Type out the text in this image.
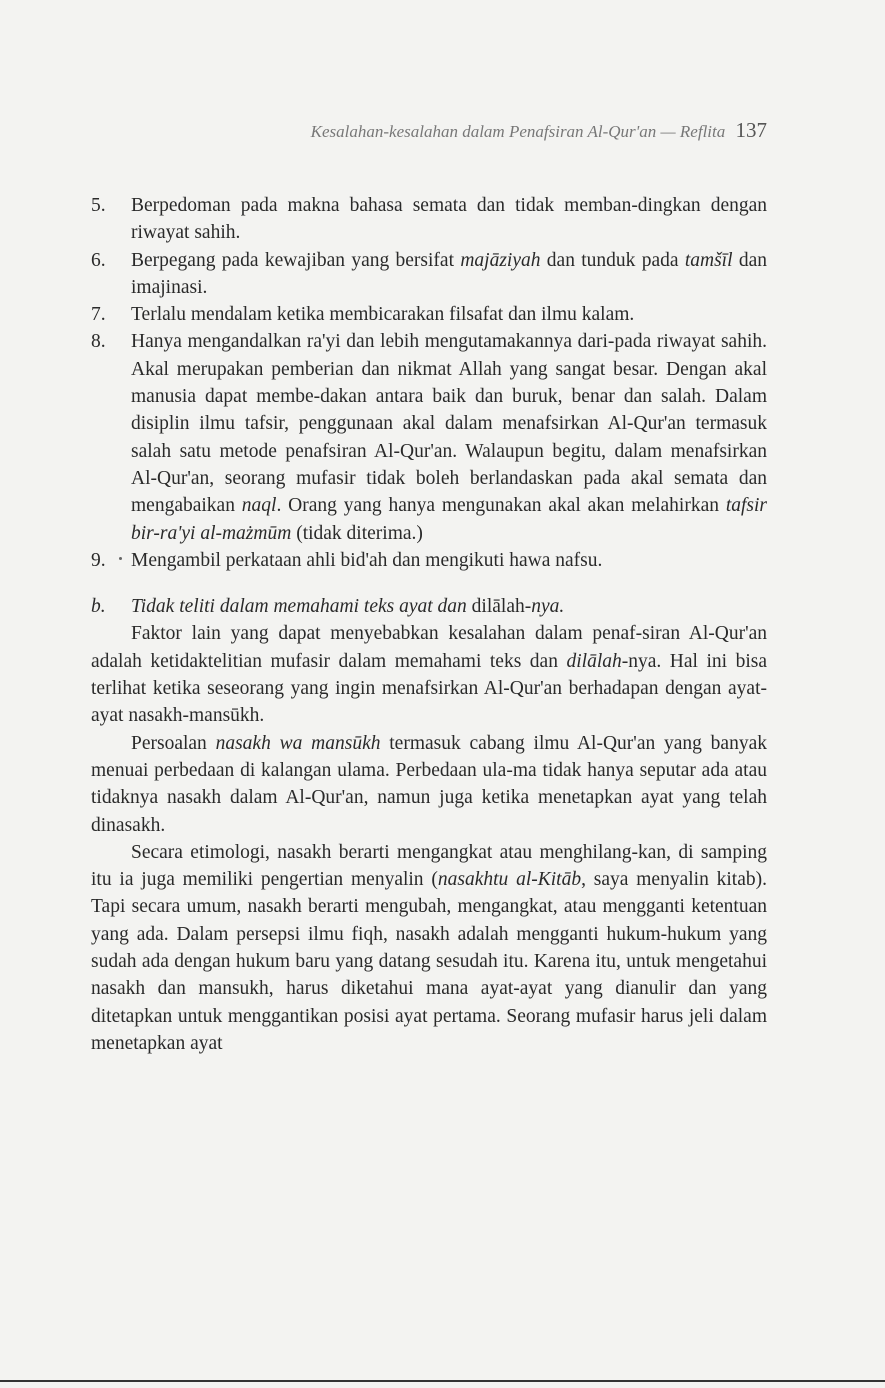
Kesalahan-kesalahan dalam Penafsiran Al-Qur'an — Reflita 137
5.	Berpedoman pada makna bahasa semata dan tidak memban-dingkan dengan riwayat sahih.
6.	Berpegang pada kewajiban yang bersifat majāziyah dan tunduk pada tamšīl dan imajinasi.
7.	Terlalu mendalam ketika membicarakan filsafat dan ilmu kalam.
8.	Hanya mengandalkan ra'yi dan lebih mengutamakannya dari-pada riwayat sahih. Akal merupakan pemberian dan nikmat Allah yang sangat besar. Dengan akal manusia dapat membe-dakan antara baik dan buruk, benar dan salah. Dalam disiplin ilmu tafsir, penggunaan akal dalam menafsirkan Al-Qur'an termasuk salah satu metode penafsiran Al-Qur'an. Walaupun begitu, dalam menafsirkan Al-Qur'an, seorang mufasir tidak boleh berlandaskan pada akal semata dan mengabaikan naql. Orang yang hanya mengunakan akal akan melahirkan tafsir bir-ra'yi al-mażmūm (tidak diterima.)
9.	Mengambil perkataan ahli bid'ah dan mengikuti hawa nafsu.
b.	Tidak teliti dalam memahami teks ayat dan dilālah-nya.

Faktor lain yang dapat menyebabkan kesalahan dalam penaf-siran Al-Qur'an adalah ketidaktelitian mufasir dalam memahami teks dan dilālah-nya. Hal ini bisa terlihat ketika seseorang yang ingin menafsirkan Al-Qur'an berhadapan dengan ayat-ayat nasakh-mansūkh.

Persoalan nasakh wa mansūkh termasuk cabang ilmu Al-Qur'an yang banyak menuai perbedaan di kalangan ulama. Perbedaan ula-ma tidak hanya seputar ada atau tidaknya nasakh dalam Al-Qur'an, namun juga ketika menetapkan ayat yang telah dinasakh.

Secara etimologi, nasakh berarti mengangkat atau menghilang-kan, di samping itu ia juga memiliki pengertian menyalin (nasakhtu al-Kitāb, saya menyalin kitab). Tapi secara umum, nasakh berarti mengubah, mengangkat, atau mengganti ketentuan yang ada. Dalam persepsi ilmu fiqh, nasakh adalah mengganti hukum-hukum yang sudah ada dengan hukum baru yang datang sesudah itu. Karena itu, untuk mengetahui nasakh dan mansukh, harus diketahui mana ayat-ayat yang dianulir dan yang ditetapkan untuk menggantikan posisi ayat pertama. Seorang mufasir harus jeli dalam menetapkan ayat
